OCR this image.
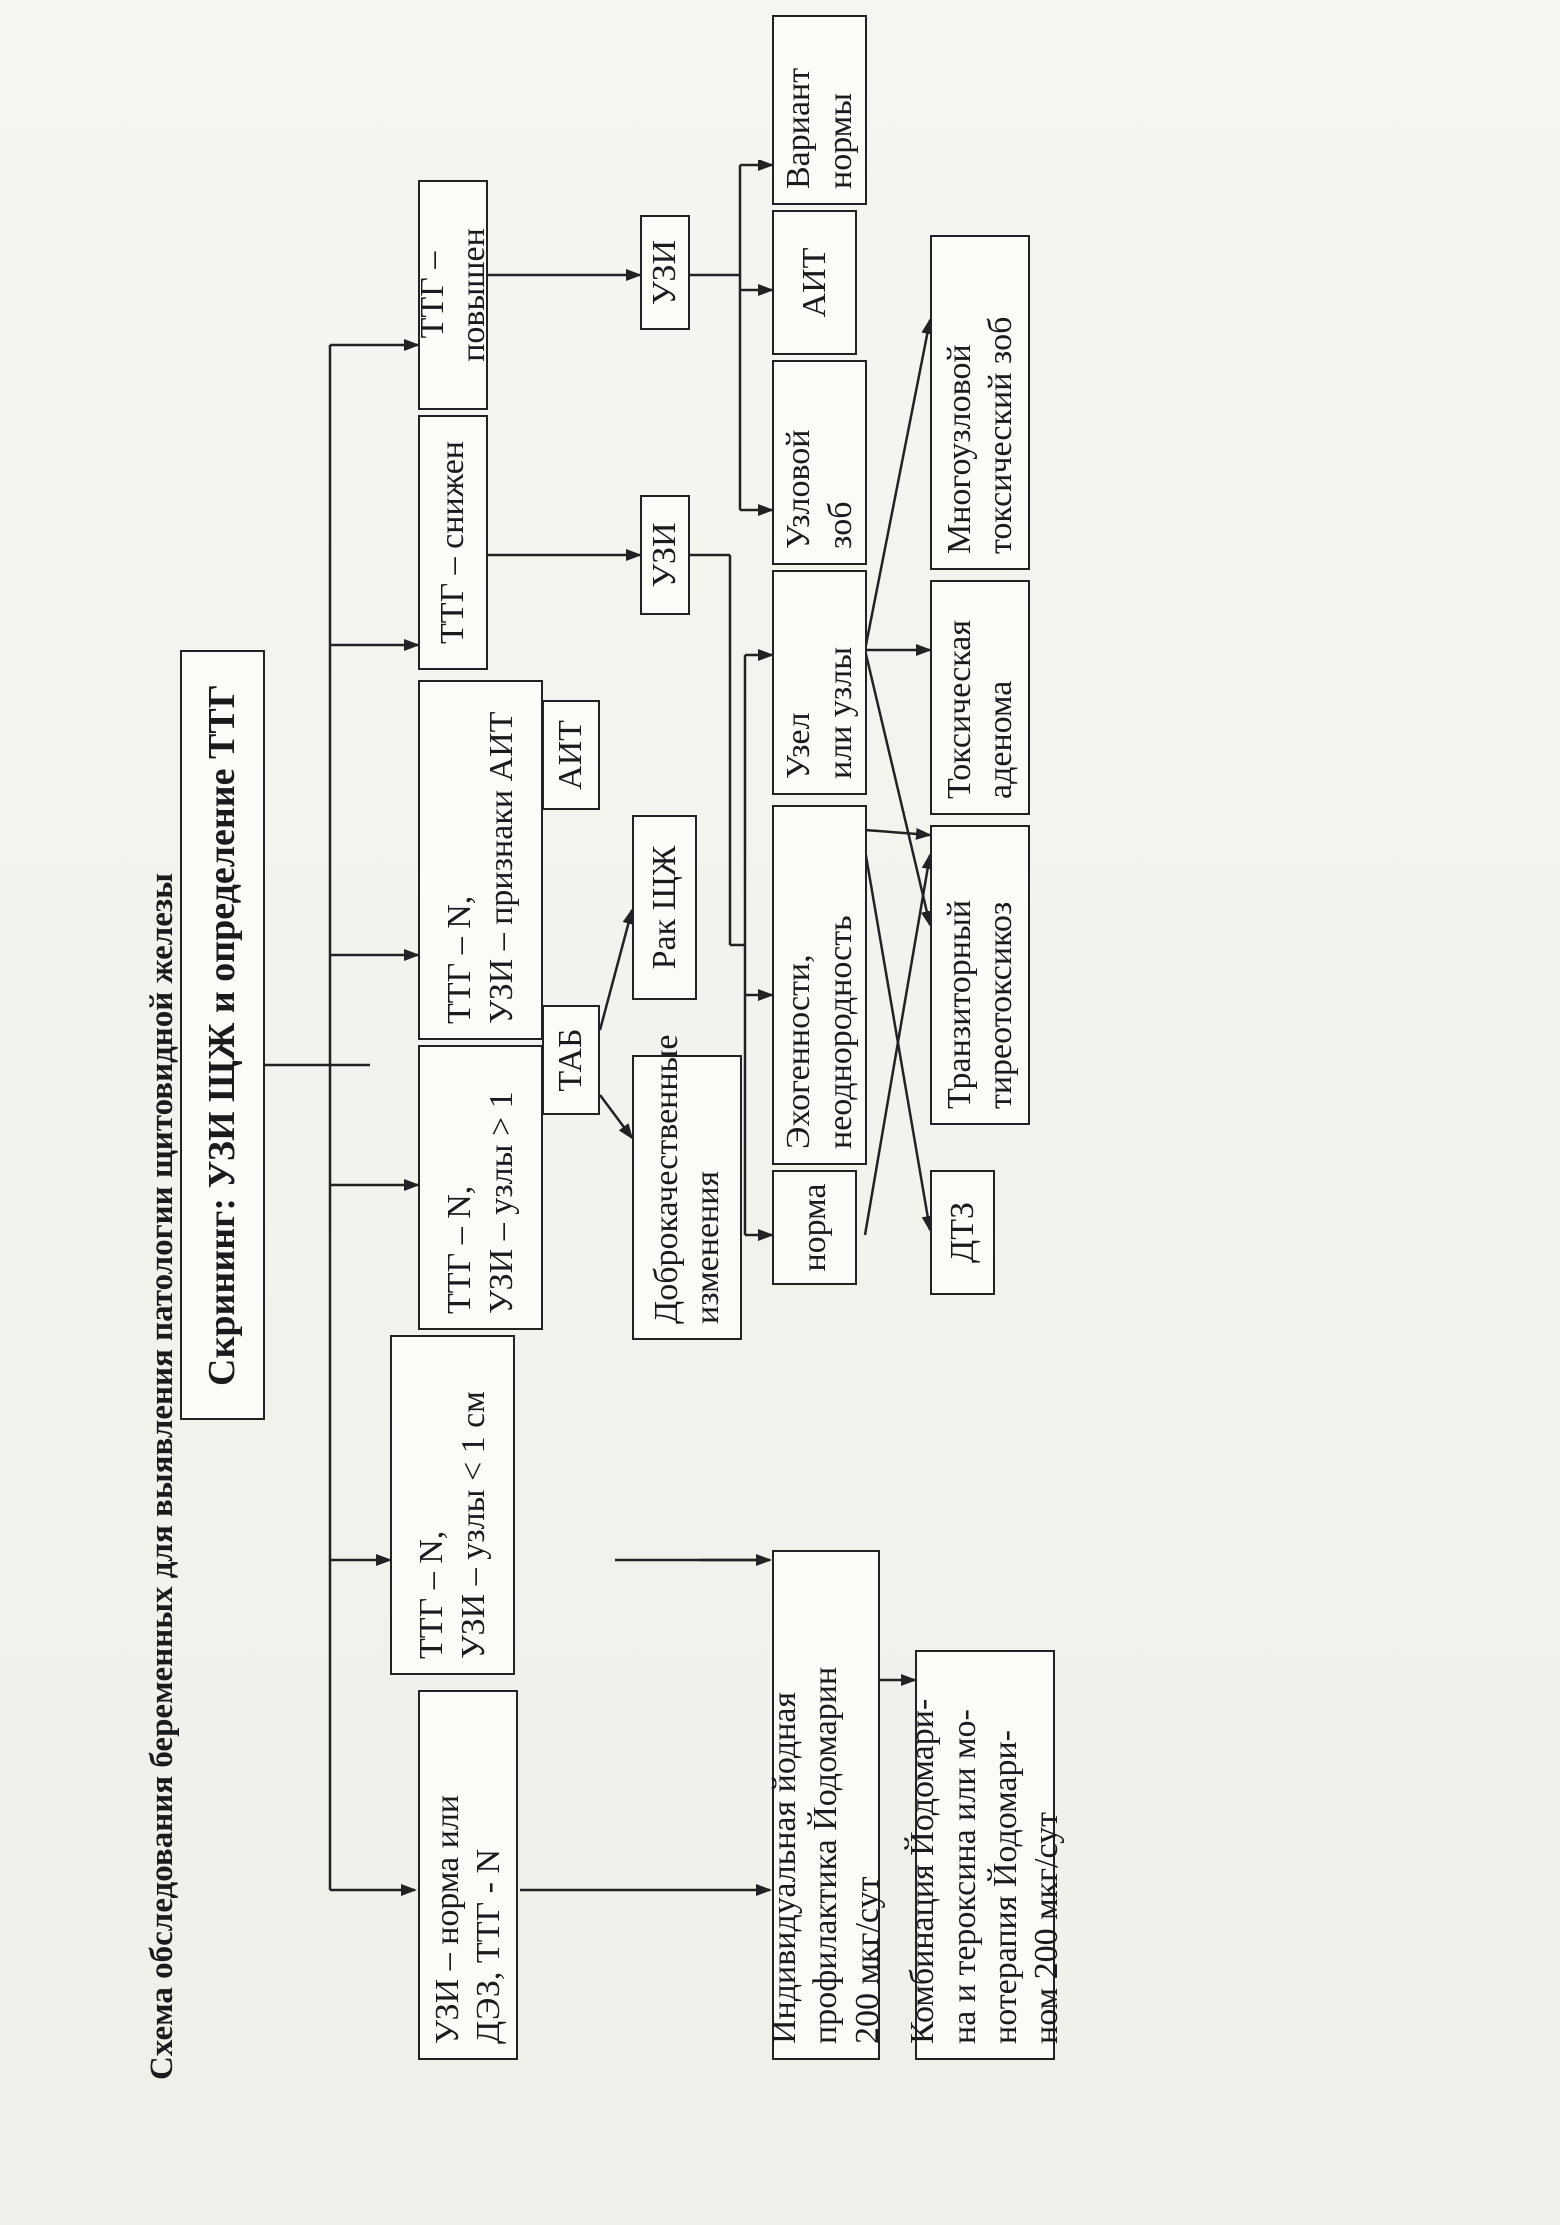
Схема обследования беременных для выявления патологии щитовидной железы Скрининг: УЗИ ЩЖ и определение ТТГ
УЗИ – норма или
ДЭЗ, ТТГ - N
ТТГ – N,
УЗИ – узлы < 1 см
ТТГ – N,
УЗИ – узлы > 1
ТТГ – N,
УЗИ – признаки АИТ
ТТГ – снижен
ТТГ –повышен
ТАБ
АИТ
Доброкачественные
изменения
Рак ЩЖ
УЗИ
УЗИ
Индивидуальная йодная
профилактика Йодомарин
200 мкг/сут Комбинация Йодомари-
на и тероксина или мо-
нотерапия Йодомари-
ном 200 мкг/сут
норма
Эхогенности,
неоднородность
Узел
или узлы
Узловой
зоб
АИТ
Вариант
нормы
ДТЗ
Транзиторный
тиреотоксикоз
Токсическая
аденома
Многоузловой
токсический зоб
